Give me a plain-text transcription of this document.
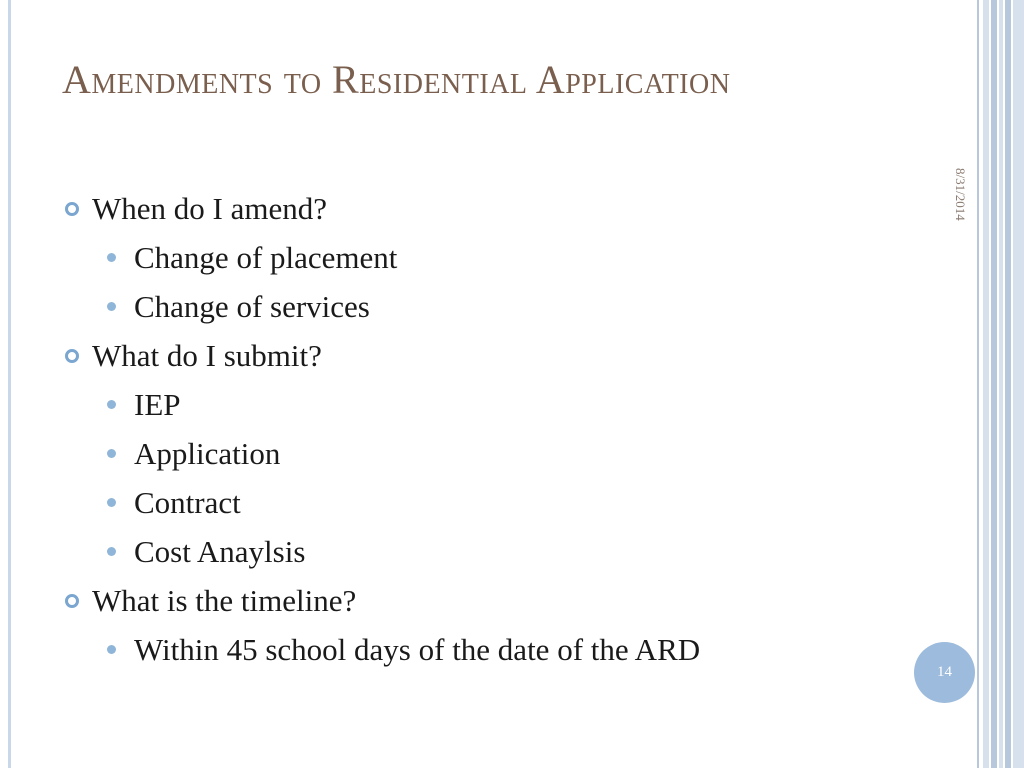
Amendments to Residential Application
8/31/2014
When do I amend?
Change of placement
Change of services
What do I submit?
IEP
Application
Contract
Cost Anaylsis
What is the timeline?
Within 45 school days of the date of the ARD
14
